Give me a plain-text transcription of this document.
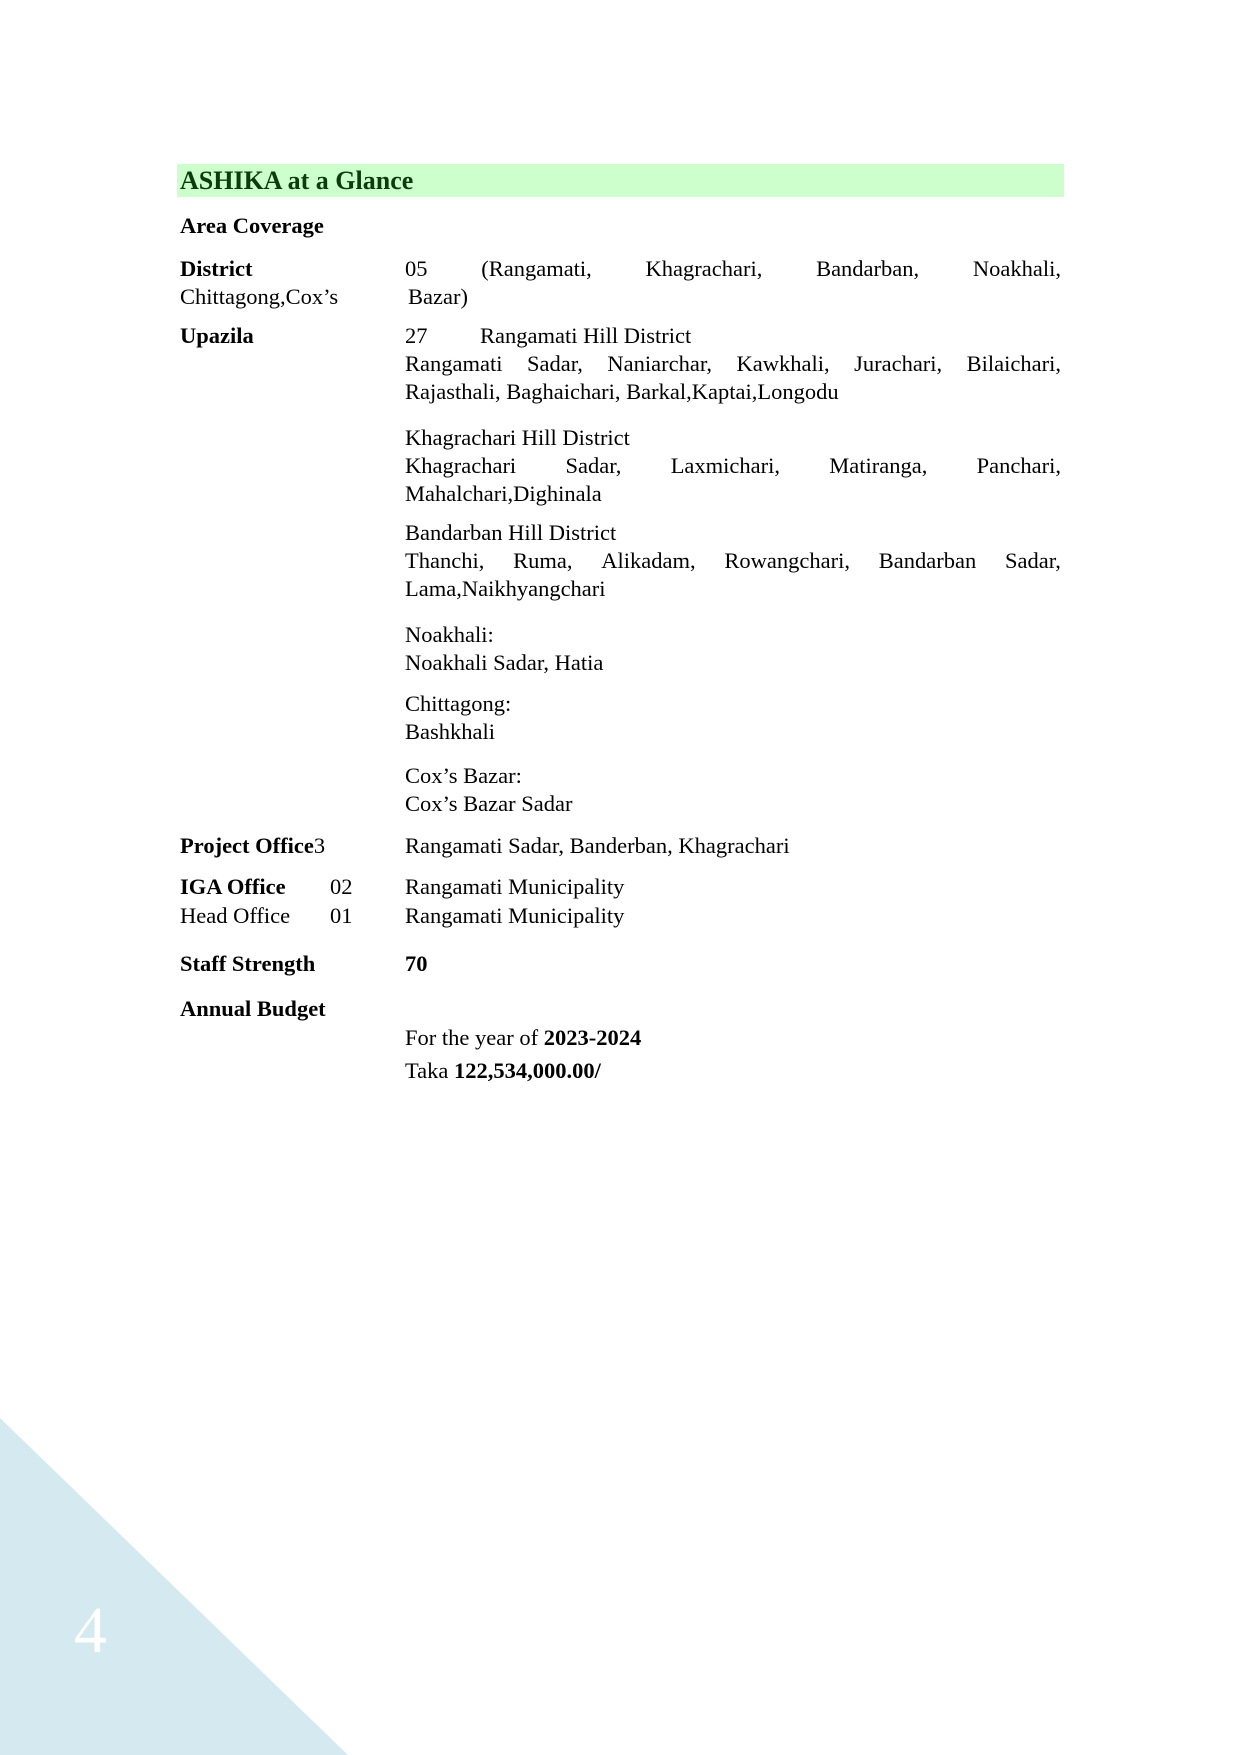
ASHIKA at a Glance
Area Coverage
District	05 (Rangamati, Khagrachari, Bandarban, Noakhali,
Chittagong,Cox’s	Bazar)
Upazila	27 Rangamati Hill District
Rangamati Sadar, Naniarchar, Kawkhali, Jurachari, Bilaichari,
Rajasthali, Baghaichari, Barkal,Kaptai,Longodu
Khagrachari Hill District
Khagrachari Sadar, Laxmichari, Matiranga, Panchari,
Mahalchari,Dighinala
Bandarban Hill District
Thanchi, Ruma, Alikadam, Rowangchari, Bandarban Sadar,
Lama,Naikhyangchari
Noakhali:
Noakhali Sadar, Hatia
Chittagong:
Bashkhali
Cox’s Bazar:
Cox’s Bazar Sadar
Project Office3	Rangamati Sadar, Banderban, Khagrachari
IGA Office 02 Rangamati Municipality
Head Office 01 Rangamati Municipality
Staff Strength	70
Annual Budget
For the year of 2023-2024
Taka 122,534,000.00/
4
